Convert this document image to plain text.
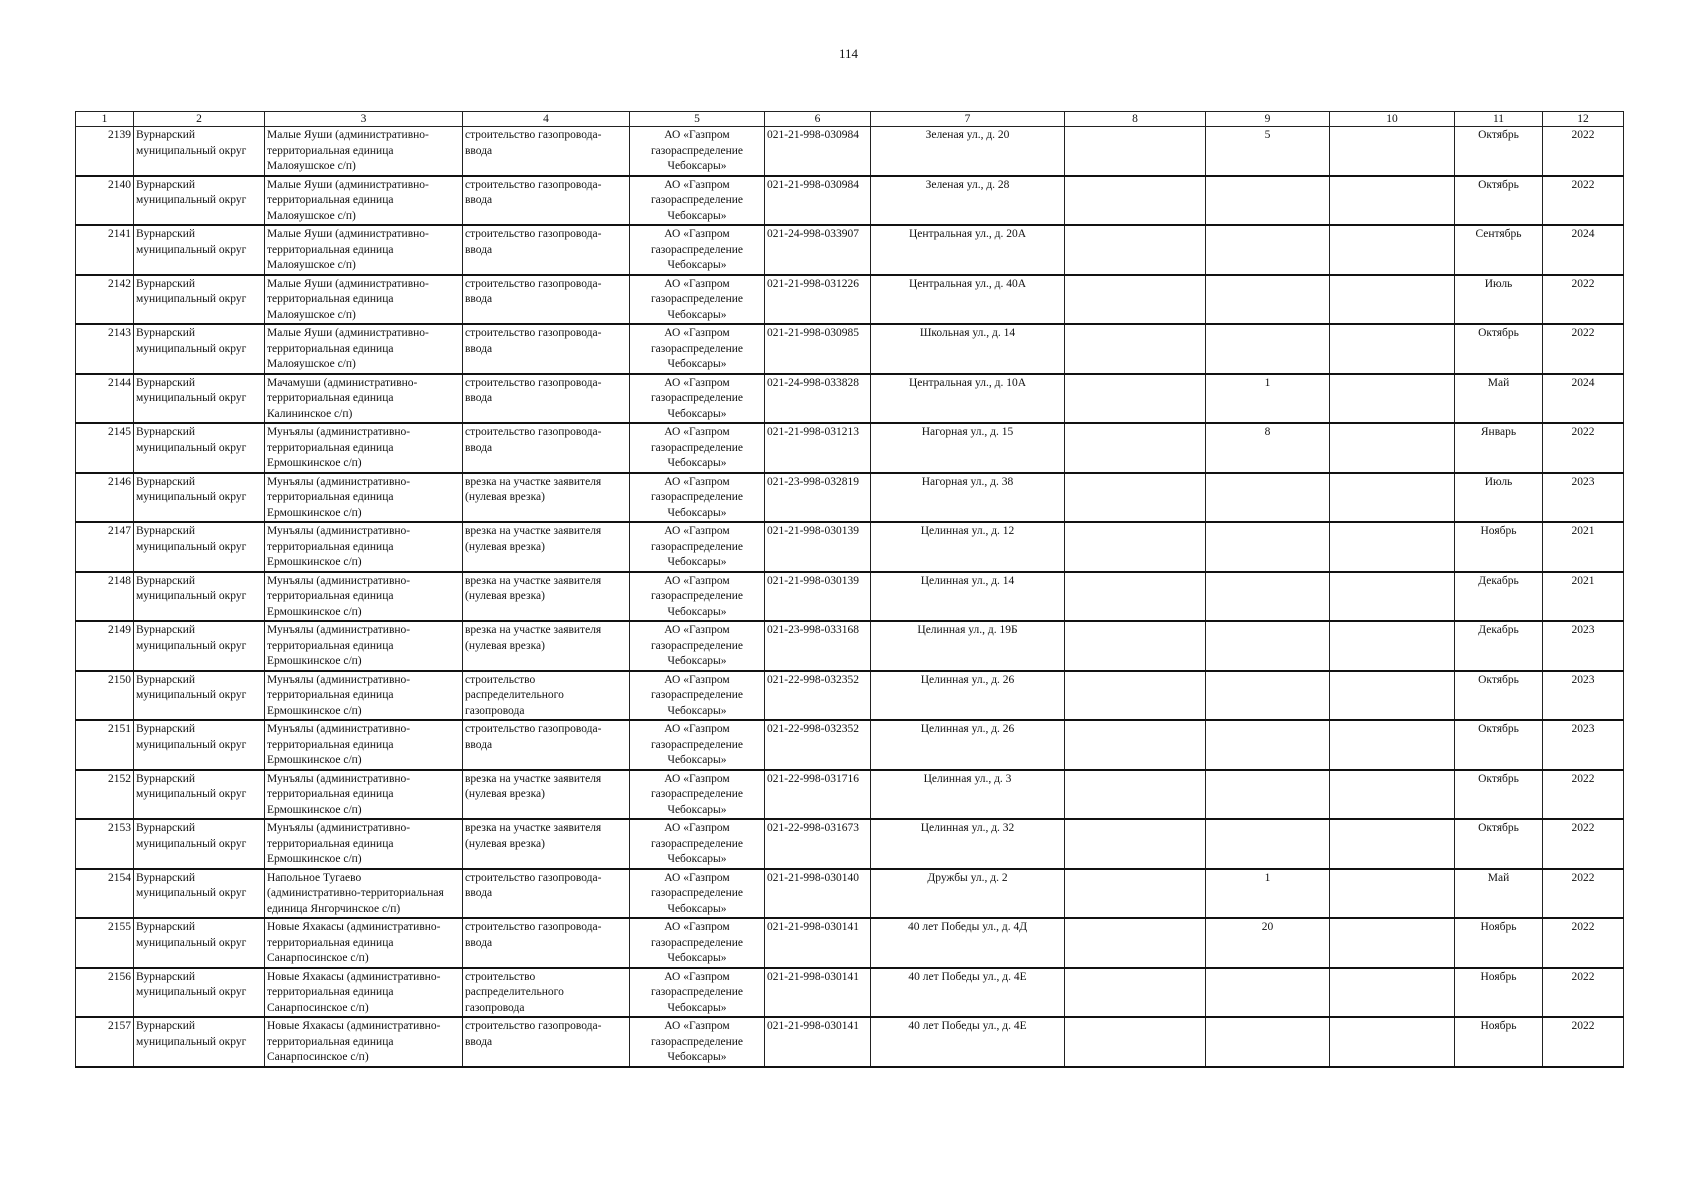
114
1	2	3	4	5	6	7	8	9	10	11	12
2139	Вурнарский
муниципальный округ	Малые Яуши (административно-
территориальная единица
Малояушское с/п)	строительство газопровода-
ввода	АО «Газпром
газораспределение
Чебоксары»	021-21-998-030984	Зеленая ул., д. 20		5		Октябрь	2022
2140	Вурнарский
муниципальный округ	Малые Яуши (административно-
территориальная единица
Малояушское с/п)	строительство газопровода-
ввода	АО «Газпром
газораспределение
Чебоксары»	021-21-998-030984	Зеленая ул., д. 28				Октябрь	2022
2141	Вурнарский
муниципальный округ	Малые Яуши (административно-
территориальная единица
Малояушское с/п)	строительство газопровода-
ввода	АО «Газпром
газораспределение
Чебоксары»	021-24-998-033907	Центральная ул., д. 20А				Сентябрь	2024
2142	Вурнарский
муниципальный округ	Малые Яуши (административно-
территориальная единица
Малояушское с/п)	строительство газопровода-
ввода	АО «Газпром
газораспределение
Чебоксары»	021-21-998-031226	Центральная ул., д. 40А				Июль	2022
2143	Вурнарский
муниципальный округ	Малые Яуши (административно-
территориальная единица
Малояушское с/п)	строительство газопровода-
ввода	АО «Газпром
газораспределение
Чебоксары»	021-21-998-030985	Школьная ул., д. 14				Октябрь	2022
2144	Вурнарский
муниципальный округ	Мачамуши (административно-
территориальная единица
Калининское с/п)	строительство газопровода-
ввода	АО «Газпром
газораспределение
Чебоксары»	021-24-998-033828	Центральная ул., д. 10А		1		Май	2024
2145	Вурнарский
муниципальный округ	Мунъялы (административно-
территориальная единица
Ермошкинское с/п)	строительство газопровода-
ввода	АО «Газпром
газораспределение
Чебоксары»	021-21-998-031213	Нагорная ул., д. 15		8		Январь	2022
2146	Вурнарский
муниципальный округ	Мунъялы (административно-
территориальная единица
Ермошкинское с/п)	врезка на участке заявителя
(нулевая врезка)	АО «Газпром
газораспределение
Чебоксары»	021-23-998-032819	Нагорная ул., д. 38				Июль	2023
2147	Вурнарский
муниципальный округ	Мунъялы (административно-
территориальная единица
Ермошкинское с/п)	врезка на участке заявителя
(нулевая врезка)	АО «Газпром
газораспределение
Чебоксары»	021-21-998-030139	Целинная ул., д. 12				Ноябрь	2021
2148	Вурнарский
муниципальный округ	Мунъялы (административно-
территориальная единица
Ермошкинское с/п)	врезка на участке заявителя
(нулевая врезка)	АО «Газпром
газораспределение
Чебоксары»	021-21-998-030139	Целинная ул., д. 14				Декабрь	2021
2149	Вурнарский
муниципальный округ	Мунъялы (административно-
территориальная единица
Ермошкинское с/п)	врезка на участке заявителя
(нулевая врезка)	АО «Газпром
газораспределение
Чебоксары»	021-23-998-033168	Целинная ул., д. 19Б				Декабрь	2023
2150	Вурнарский
муниципальный округ	Мунъялы (административно-
территориальная единица
Ермошкинское с/п)	строительство
распределительного
газопровода	АО «Газпром
газораспределение
Чебоксары»	021-22-998-032352	Целинная ул., д. 26				Октябрь	2023
2151	Вурнарский
муниципальный округ	Мунъялы (административно-
территориальная единица
Ермошкинское с/п)	строительство газопровода-
ввода	АО «Газпром
газораспределение
Чебоксары»	021-22-998-032352	Целинная ул., д. 26				Октябрь	2023
2152	Вурнарский
муниципальный округ	Мунъялы (административно-
территориальная единица
Ермошкинское с/п)	врезка на участке заявителя
(нулевая врезка)	АО «Газпром
газораспределение
Чебоксары»	021-22-998-031716	Целинная ул., д. 3				Октябрь	2022
2153	Вурнарский
муниципальный округ	Мунъялы (административно-
территориальная единица
Ермошкинское с/п)	врезка на участке заявителя
(нулевая врезка)	АО «Газпром
газораспределение
Чебоксары»	021-22-998-031673	Целинная ул., д. 32				Октябрь	2022
2154	Вурнарский
муниципальный округ	Напольное Тугаево
(административно-территориальная
единица Янгорчинское с/п)	строительство газопровода-
ввода	АО «Газпром
газораспределение
Чебоксары»	021-21-998-030140	Дружбы ул., д. 2		1		Май	2022
2155	Вурнарский
муниципальный округ	Новые Яхакасы (административно-
территориальная единица
Санарпосинское с/п)	строительство газопровода-
ввода	АО «Газпром
газораспределение
Чебоксары»	021-21-998-030141	40 лет Победы ул., д. 4Д		20		Ноябрь	2022
2156	Вурнарский
муниципальный округ	Новые Яхакасы (административно-
территориальная единица
Санарпосинское с/п)	строительство
распределительного
газопровода	АО «Газпром
газораспределение
Чебоксары»	021-21-998-030141	40 лет Победы ул., д. 4Е				Ноябрь	2022
2157	Вурнарский
муниципальный округ	Новые Яхакасы (административно-
территориальная единица
Санарпосинское с/п)	строительство газопровода-
ввода	АО «Газпром
газораспределение
Чебоксары»	021-21-998-030141	40 лет Победы ул., д. 4Е				Ноябрь	2022
